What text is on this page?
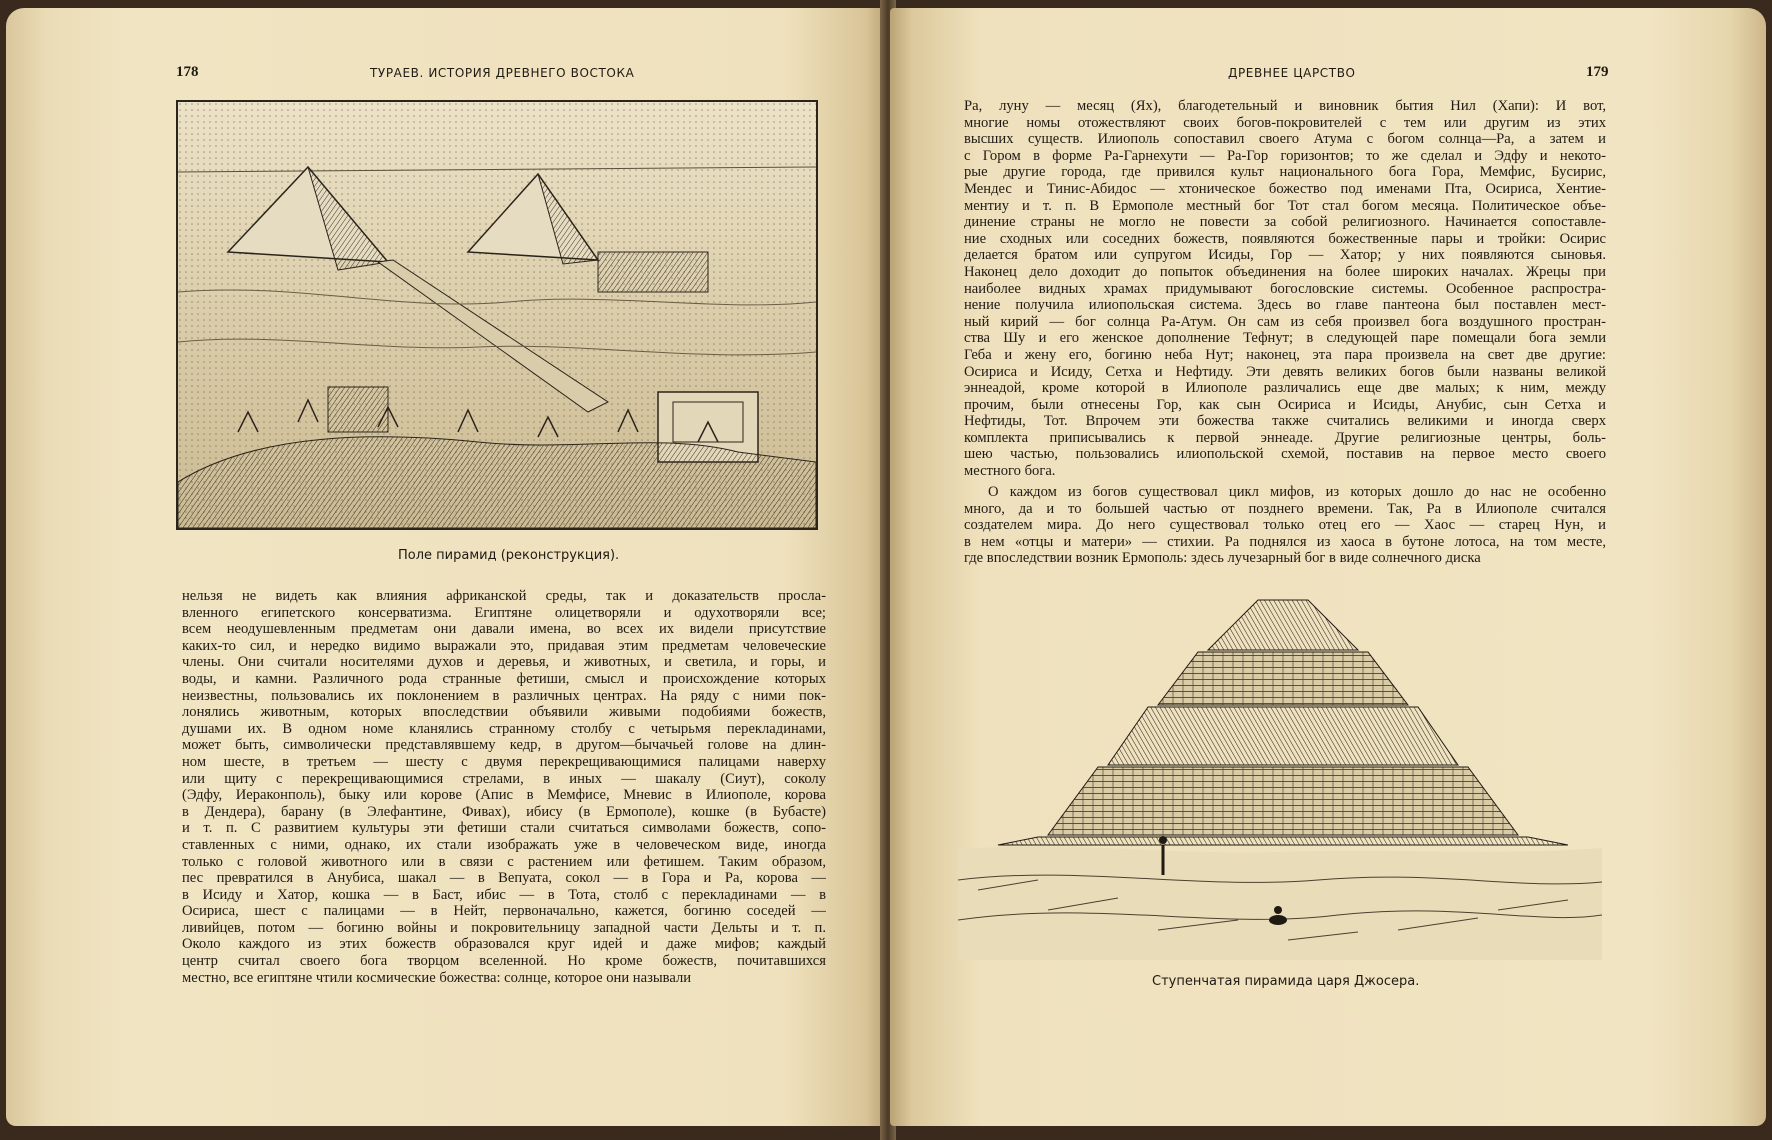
178	ТУРАЕВ. ИСТОРИЯ ДРЕВНЕГО ВОСТОКА
Поле пирамид (реконструкция).
нельзя не видеть как влияния африканской среды, так и доказательств просла-
вленного египетского консерватизма. Египтяне олицетворяли и одухотворяли все;
всем неодушевленным предметам они давали имена, во всех их видели присутствие
каких-то сил, и нередко видимо выражали это, придавая этим предметам человеческие
члены. Они считали носителями духов и деревья, и животных, и светила, и горы, и
воды, и камни. Различного рода странные фетиши, смысл и происхождение которых
неизвестны, пользовались их поклонением в различных центрах. На ряду с ними пок-
лонялись животным, которых впоследствии объявили живыми подобиями божеств,
душами их. В одном номе кланялись странному столбу с четырьмя перекладинами,
может быть, символически представлявшему кедр, в другом—бычачьей голове на длин-
ном шесте, в третьем — шесту с двумя перекрещивающимися палицами наверху
или щиту с перекрещивающимися стрелами, в иных — шакалу (Сиут), соколу
(Эдфу, Иераконполь), быку или корове (Апис в Мемфисе, Мневис в Илиополе, корова
в Дендера), барану (в Элефантине, Фивах), ибису (в Ермополе), кошке (в Бубасте)
и т. п. С развитием культуры эти фетиши стали считаться символами божеств, сопо-
ставленных с ними, однако, их стали изображать уже в человеческом виде, иногда
только с головой животного или в связи с растением или фетишем. Таким образом,
пес превратился в Анубиса, шакал — в Вепуата, сокол — в Гора и Ра, корова —
в Исиду и Хатор, кошка — в Баст, ибис — в Тота, столб с перекладинами — в
Осириса, шест с палицами — в Нейт, первоначально, кажется, богиню соседей —
ливийцев, потом — богиню войны и покровительницу западной части Дельты и т. п.
Около каждого из этих божеств образовался круг идей и даже мифов; каждый
центр считал своего бога творцом вселенной. Но кроме божеств, почитавшихся
местно, все египтяне чтили космические божества: солнце, которое они называли
ДРЕВНЕЕ ЦАРСТВО	179
Ра, луну — месяц (Ях), благодетельный и виновник бытия Нил (Хапи): И вот,
многие номы отожествляют своих богов-покровителей с тем или другим из этих
высших существ. Илиополь сопоставил своего Атума с богом солнца—Ра, а затем и
с Гором в форме Ра-Гарнехути — Ра-Гор горизонтов; то же сделал и Эдфу и некото-
рые другие города, где привился культ национального бога Гора, Мемфис, Бусирис,
Мендес и Тинис-Абидос — хтоническое божество под именами Пта, Осириса, Хентие-
ментиу и т. п. В Ермополе местный бог Тот стал богом месяца. Политическое объе-
динение страны не могло не повести за собой религиозного. Начинается сопоставле-
ние сходных или соседних божеств, появляются божественные пары и тройки: Осирис
делается братом или супругом Исиды, Гор — Хатор; у них появляются сыновья.
Наконец дело доходит до попыток объединения на более широких началах. Жрецы при
наиболее видных храмах придумывают богословские системы. Особенное распростра-
нение получила илиопольская система. Здесь во главе пантеона был поставлен мест-
ный кирий — бог солнца Ра-Атум. Он сам из себя произвел бога воздушного простран-
ства Шу и его женское дополнение Тефнут; в следующей паре помещали бога земли
Геба и жену его, богиню неба Нут; наконец, эта пара произвела на свет две другие:
Осириса и Исиду, Сетха и Нефтиду. Эти девять великих богов были названы великой
эннеадой, кроме которой в Илиополе различались еще две малых; к ним, между
прочим, были отнесены Гор, как сын Осириса и Исиды, Анубис, сын Сетха и
Нефтиды, Тот. Впрочем эти божества также считались великими и иногда сверх
комплекта приписывались к первой эннеаде. Другие религиозные центры, боль-
шею частью, пользовались илиопольской схемой, поставив на первое место своего
местного бога.
О каждом из богов существовал цикл мифов, из которых дошло до нас не особенно
много, да и то большей частью от позднего времени. Так, Ра в Илиополе считался
создателем мира. До него существовал только отец его — Хаос — старец Нун, и
в нем «отцы и матери» — стихии. Ра поднялся из хаоса в бутоне лотоса, на том месте,
где впоследствии возник Ермополь: здесь лучезарный бог в виде солнечного диска
Ступенчатая пирамида царя Джосера.
